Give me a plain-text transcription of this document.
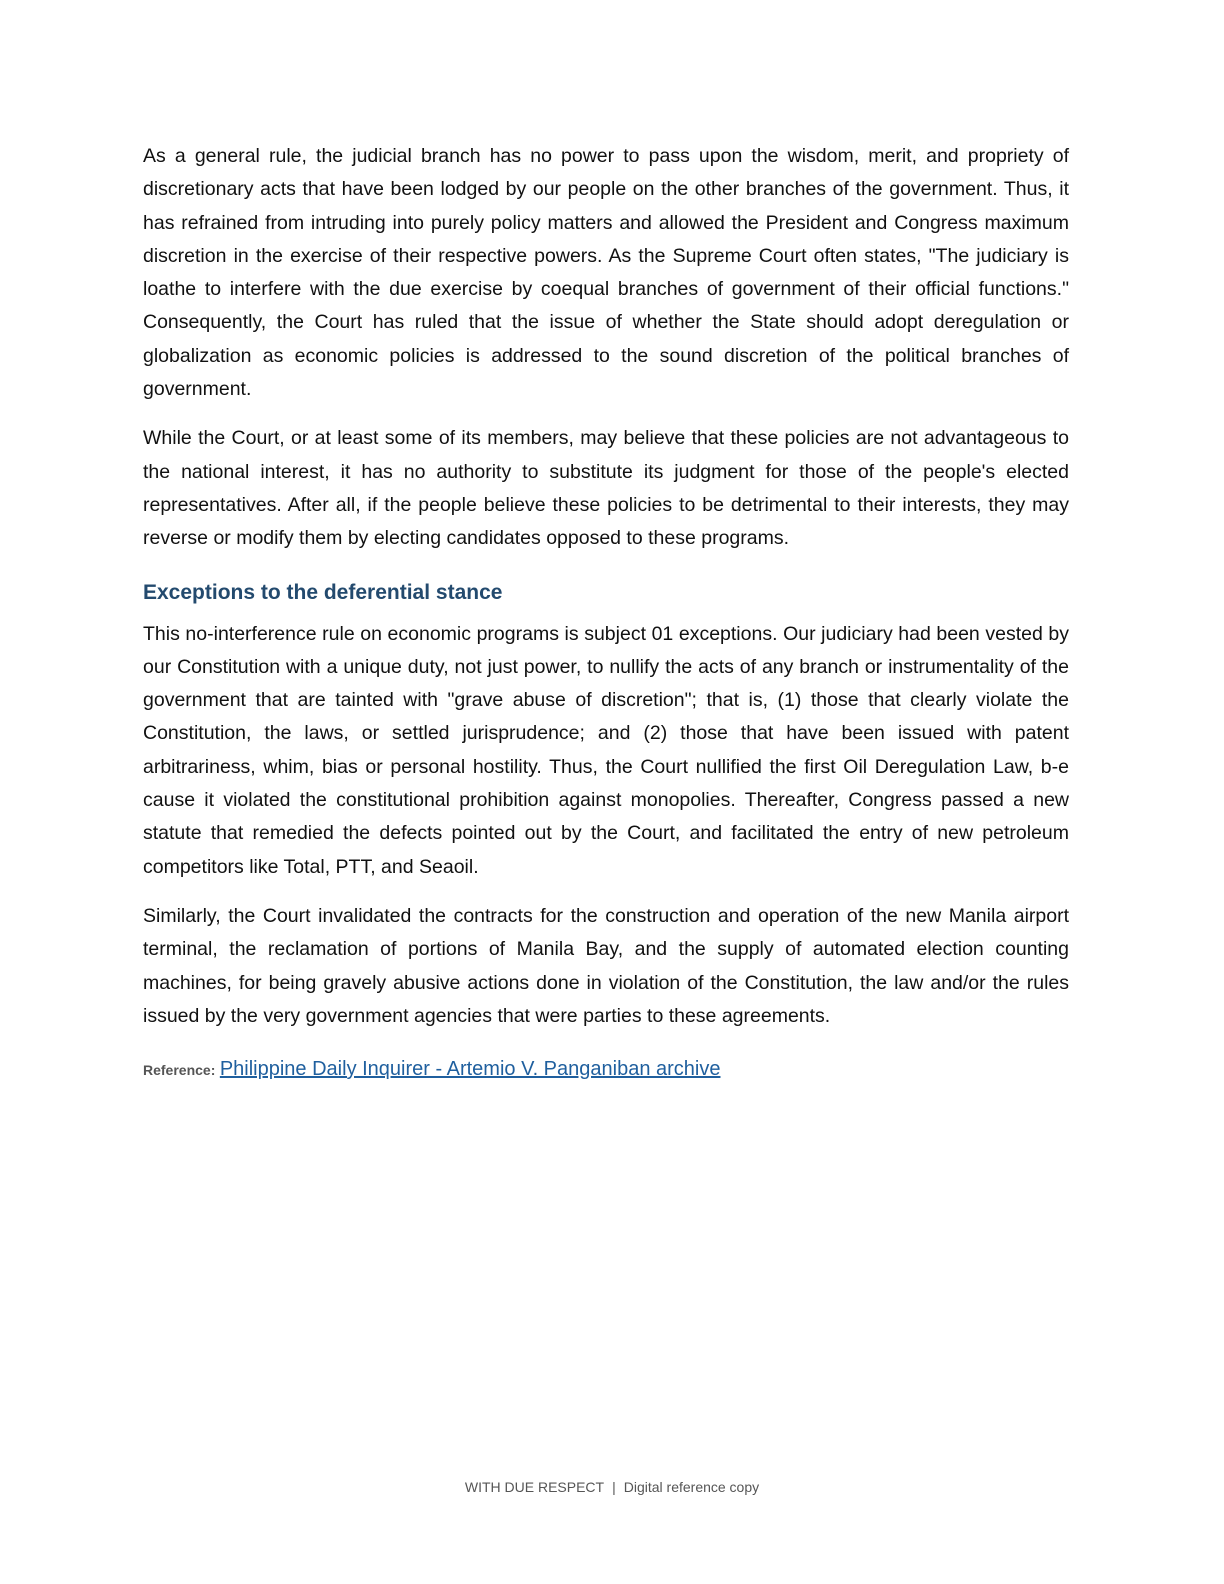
As a general rule, the judicial branch has no power to pass upon the wisdom, merit, and propriety of discretionary acts that have been lodged by our people on the other branches of the government. Thus, it has refrained from intruding into purely policy matters and allowed the President and Congress maximum discretion in the exercise of their respective powers. As the Supreme Court often states, "The judiciary is loathe to interfere with the due exercise by coequal branches of government of their official functions." Consequently, the Court has ruled that the issue of whether the State should adopt deregulation or globalization as economic policies is addressed to the sound discretion of the political branches of government.

While the Court, or at least some of its members, may believe that these policies are not advantageous to the national interest, it has no authority to substitute its judgment for those of the people's elected representatives. After all, if the people believe these policies to be detrimental to their interests, they may reverse or modify them by electing candidates opposed to these programs.

Exceptions to the deferential stance

This no-interference rule on economic programs is subject 01 exceptions. Our judiciary had been vested by our Constitution with a unique duty, not just power, to nullify the acts of any branch or instrumentality of the government that are tainted with "grave abuse of discretion"; that is, (1) those that clearly violate the Constitution, the laws, or settled jurisprudence; and (2) those that have been issued with patent arbitrariness, whim, bias or personal hostility. Thus, the Court nullified the first Oil Deregulation Law, b-e cause it violated the constitutional prohibition against monopolies. Thereafter, Congress passed a new statute that remedied the defects pointed out by the Court, and facilitated the entry of new petroleum competitors like Total, PTT, and Seaoil.

Similarly, the Court invalidated the contracts for the construction and operation of the new Manila airport terminal, the reclamation of portions of Manila Bay, and the supply of automated election counting machines, for being gravely abusive actions done in violation of the Constitution, the law and/or the rules issued by the very government agencies that were parties to these agreements.

Reference: Philippine Daily Inquirer - Artemio V. Panganiban archive
WITH DUE RESPECT | Digital reference copy
